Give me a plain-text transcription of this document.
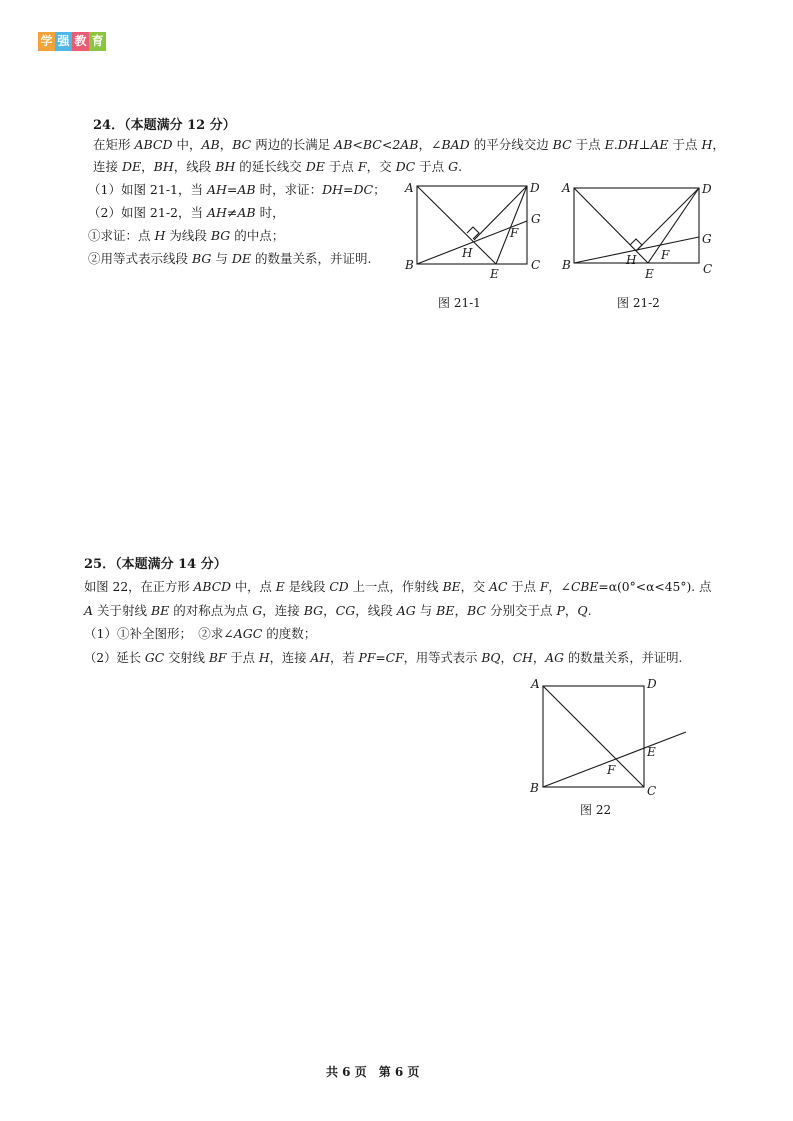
学 强 教 育
24．（本题满分 12 分）
在矩形 ABCD 中，AB，BC 两边的长满足 AB<BC<2AB，∠BAD 的平分线交边 BC 于点 E.DH⊥AE 于点 H，
连接 DE，BH，线段 BH 的延长线交 DE 于点 F，交 DC 于点 G.
（1）如图 21-1，当 AH=AB 时，求证：DH=DC；
（2）如图 21-2，当 AH≠AB 时，
①求证：点 H 为线段 BG 的中点；
②用等式表示线段 BG 与 DE 的数量关系，并证明.
A	D
G
F
H
B	C
E
A	D
G
F
H
B	C
E
图 21-1	图 21-2
25．（本题满分 14 分）
如图 22，在正方形 ABCD 中，点 E 是线段 CD 上一点，作射线 BE，交 AC 于点 F，∠CBE=α(0°<α<45°). 点
A 关于射线 BE 的对称点为点 G，连接 BG，CG，线段 AG 与 BE，BC 分别交于点 P，Q.
（1）①补全图形；　②求∠AGC 的度数；
（2）延长 GC 交射线 BF 于点 H，连接 AH，若 PF=CF，用等式表示 BQ，CH，AG 的数量关系，并证明.
A	D
E
F
B	C
图 22
共 6 页　第 6 页
